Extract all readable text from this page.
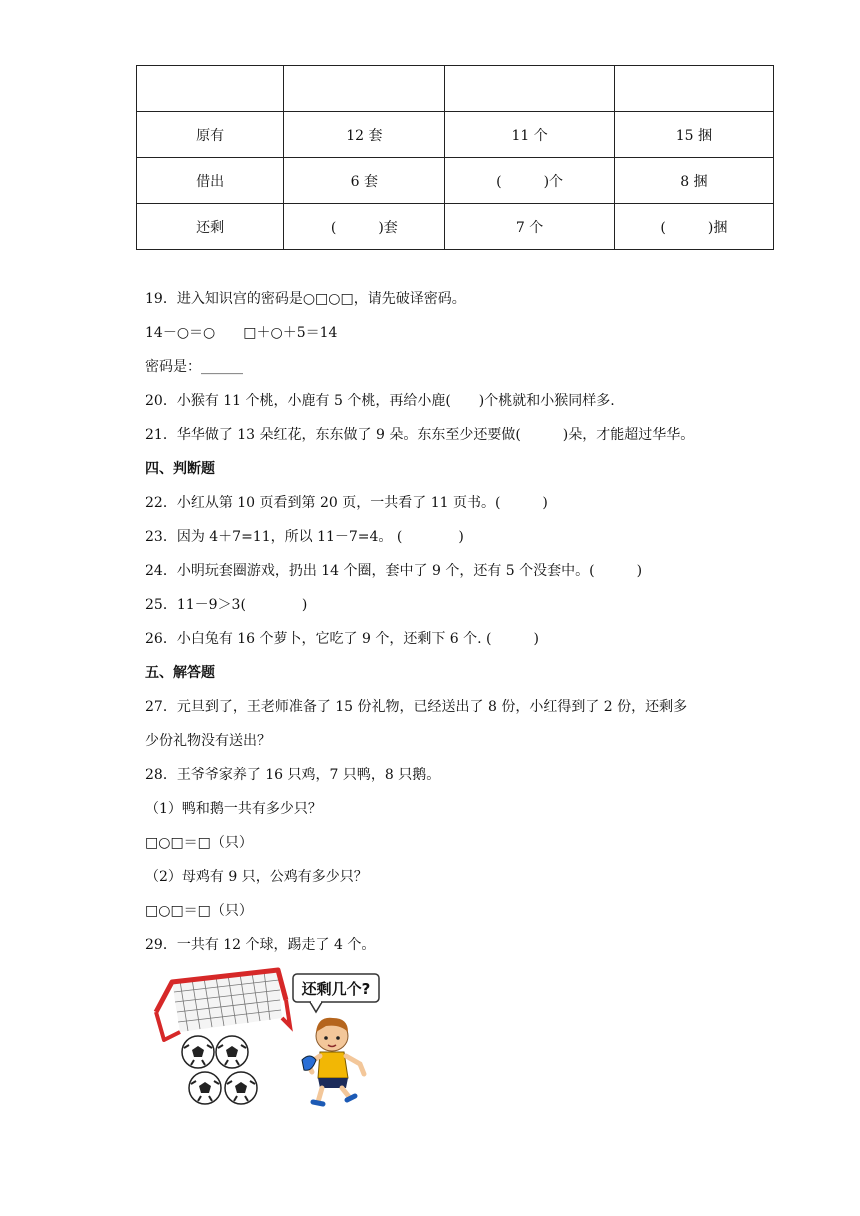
原有	12 套	11 个	15 捆
借出	6 套	(　　　)个	8 捆
还剩	(　　　)套	7 个	(　　　)捆
19．进入知识宫的密码是○□○□，请先破译密码。
14－○＝○　　□＋○＋5＝14
密码是：______
20．小猴有 11 个桃，小鹿有 5 个桃，再给小鹿(　　)个桃就和小猴同样多.
21．华华做了 13 朵红花，东东做了 9 朵。东东至少还要做(　　　)朵，才能超过华华。
四、判断题
22．小红从第 10 页看到第 20 页，一共看了 11 页书。(　　　)
23．因为 4＋7=11，所以 11－7=4。 (　　　　)
24．小明玩套圈游戏，扔出 14 个圈，套中了 9 个，还有 5 个没套中。(　　　)
25．11－9＞3(　　　　)
26．小白兔有 16 个萝卜，它吃了 9 个，还剩下 6 个. (　　　)
五、解答题
27．元旦到了，王老师准备了 15 份礼物，已经送出了 8 份，小红得到了 2 份，还剩多
少份礼物没有送出？
28．王爷爷家养了 16 只鸡，7 只鸭，8 只鹅。
（1）鸭和鹅一共有多少只？
□○□＝□（只）
（2）母鸡有 9 只，公鸡有多少只？
□○□＝□（只）
29．一共有 12 个球，踢走了 4 个。
还剩几个?
